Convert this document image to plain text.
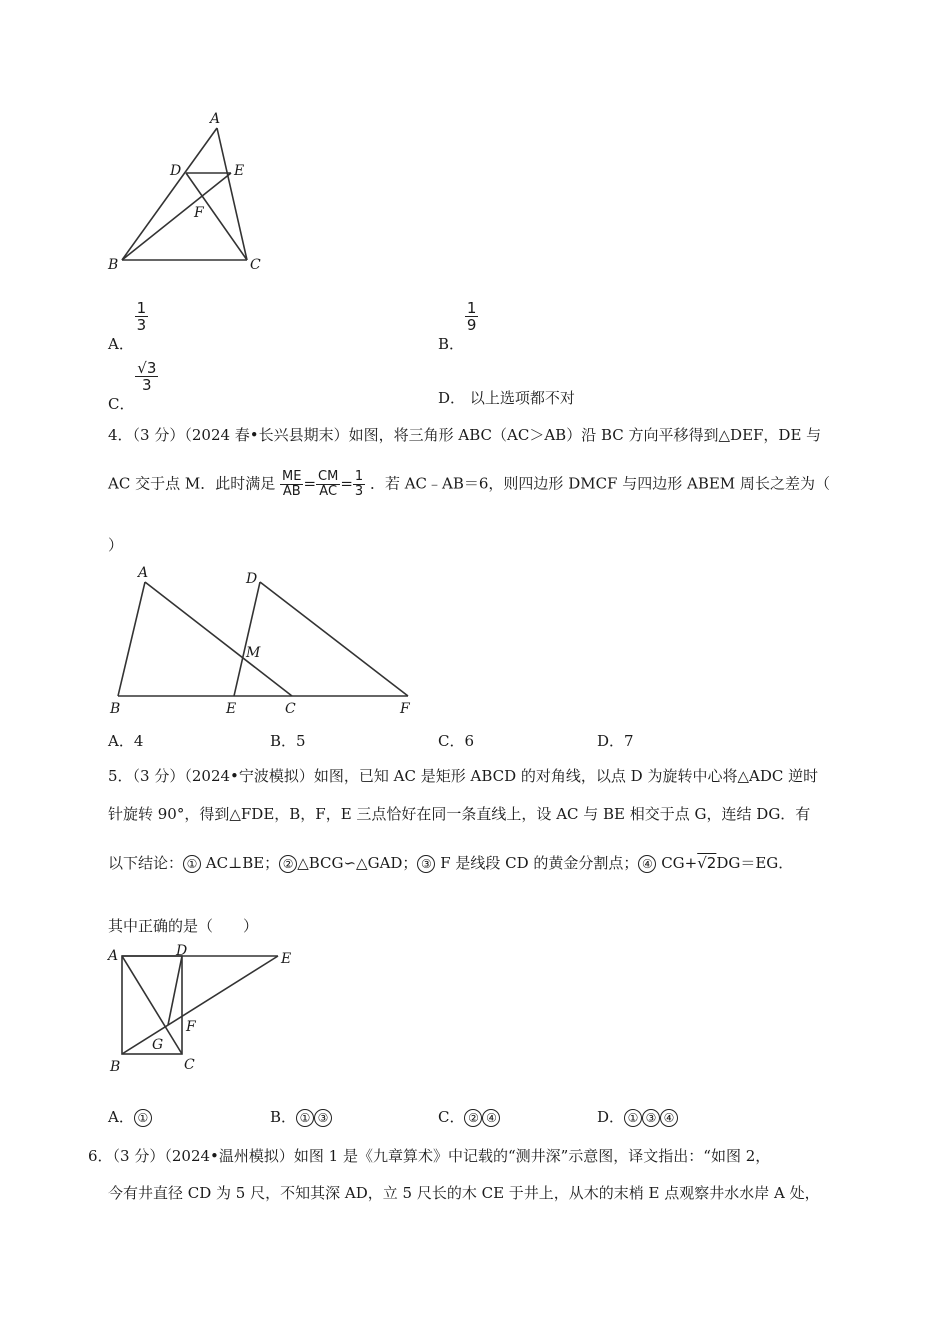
A
D	E
F
B	C
A．
$\frac{1}{3}$
B．
$\frac{1}{9}$
C．
$\frac{√3}{3}$
D． 以上选项都不对
4．（3 分）（2024 春•长兴县期末）如图，将三角形 ABC（AC＞AB）沿 BC 方向平移得到△DEF，DE 与
AC 交于点 M．此时满足 $\frac{ME}{AB} = \frac{CM}{AC} = \frac{1}{3}$ ．若 AC﹣AB＝6，则四边形 DMCF 与四边形 ABEM 周长之差为（
）
A	D
M
B	E	C	F
A．4	B．5	C．6	D．7
5．（3 分）（2024•宁波模拟）如图，已知 AC 是矩形 ABCD 的对角线，以点 D 为旋转中心将△ADC 逆时
针旋转 90°，得到△FDE，B，F，E 三点恰好在同一条直线上，设 AC 与 BE 相交于点 G，连结 DG．有
以下结论： ① AC⊥BE； ② △BCG∽△GAD； ③ F 是线段 CD 的黄金分割点； ④ CG+√2DG＝EG．
其中正确的是（　　）
A	D	E
F
G
B	C
A． ①	B． ① ③	C． ② ④	D． ① ③ ④
6．（3 分）（2024•温州模拟）如图 1 是《九章算术》中记载的“测井深”示意图，译文指出：“如图 2，
今有井直径 CD 为 5 尺，不知其深 AD，立 5 尺长的木 CE 于井上，从木的末梢 E 点观察井水水岸 A 处，
